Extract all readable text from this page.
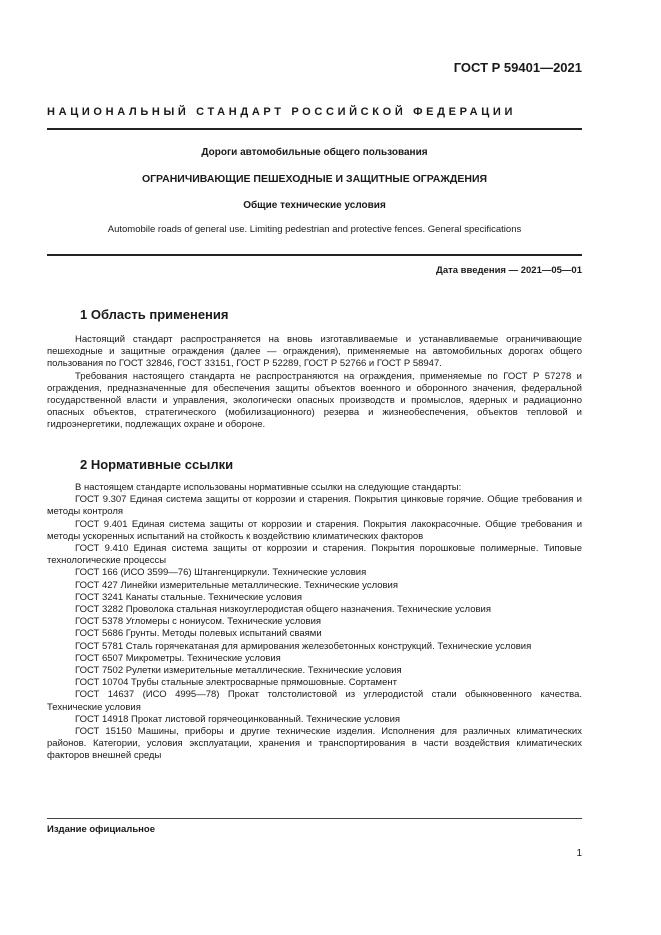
ГОСТ Р 59401—2021
НАЦИОНАЛЬНЫЙ СТАНДАРТ РОССИЙСКОЙ ФЕДЕРАЦИИ
Дороги автомобильные общего пользования
ОГРАНИЧИВАЮЩИЕ ПЕШЕХОДНЫЕ И ЗАЩИТНЫЕ ОГРАЖДЕНИЯ
Общие технические условия
Automobile roads of general use. Limiting pedestrian and protective fences. General specifications
Дата введения — 2021—05—01
1 Область применения

Настоящий стандарт распространяется на вновь изготавливаемые и устанавливаемые ограничивающие пешеходные и защитные ограждения (далее — ограждения), применяемые на автомобильных дорогах общего пользования по ГОСТ 32846, ГОСТ 33151, ГОСТ Р 52289, ГОСТ Р 52766 и ГОСТ Р 58947.

Требования настоящего стандарта не распространяются на ограждения, применяемые по ГОСТ Р 57278 и ограждения, предназначенные для обеспечения защиты объектов военного и оборонного значения, федеральной государственной власти и управления, экологически опасных производств и промыслов, ядерных и радиационно опасных объектов, стратегического (мобилизационного) резерва и жизнеобеспечения, объектов тепловой и гидроэнергетики, подлежащих охране и обороне.

2 Нормативные ссылки

В настоящем стандарте использованы нормативные ссылки на следующие стандарты:

ГОСТ 9.307 Единая система защиты от коррозии и старения. Покрытия цинковые горячие. Общие требования и методы контроля

ГОСТ 9.401 Единая система защиты от коррозии и старения. Покрытия лакокрасочные. Общие требования и методы ускоренных испытаний на стойкость к воздействию климатических факторов

ГОСТ 9.410 Единая система защиты от коррозии и старения. Покрытия порошковые полимерные. Типовые технологические процессы

ГОСТ 166 (ИСО 3599—76) Штангенциркули. Технические условия

ГОСТ 427 Линейки измерительные металлические. Технические условия

ГОСТ 3241 Канаты стальные. Технические условия

ГОСТ 3282 Проволока стальная низкоуглеродистая общего назначения. Технические условия

ГОСТ 5378 Угломеры с нониусом. Технические условия

ГОСТ 5686 Грунты. Методы полевых испытаний сваями

ГОСТ 5781 Сталь горячекатаная для армирования железобетонных конструкций. Технические условия

ГОСТ 6507 Микрометры. Технические условия

ГОСТ 7502 Рулетки измерительные металлические. Технические условия

ГОСТ 10704 Трубы стальные электросварные прямошовные. Сортамент

ГОСТ 14637 (ИСО 4995—78) Прокат толстолистовой из углеродистой стали обыкновенного качества. Технические условия

ГОСТ 14918 Прокат листовой горячеоцинкованный. Технические условия

ГОСТ 15150 Машины, приборы и другие технические изделия. Исполнения для различных климатических районов. Категории, условия эксплуатации, хранения и транспортирования в части воздействия климатических факторов внешней среды

Издание официальное
1
